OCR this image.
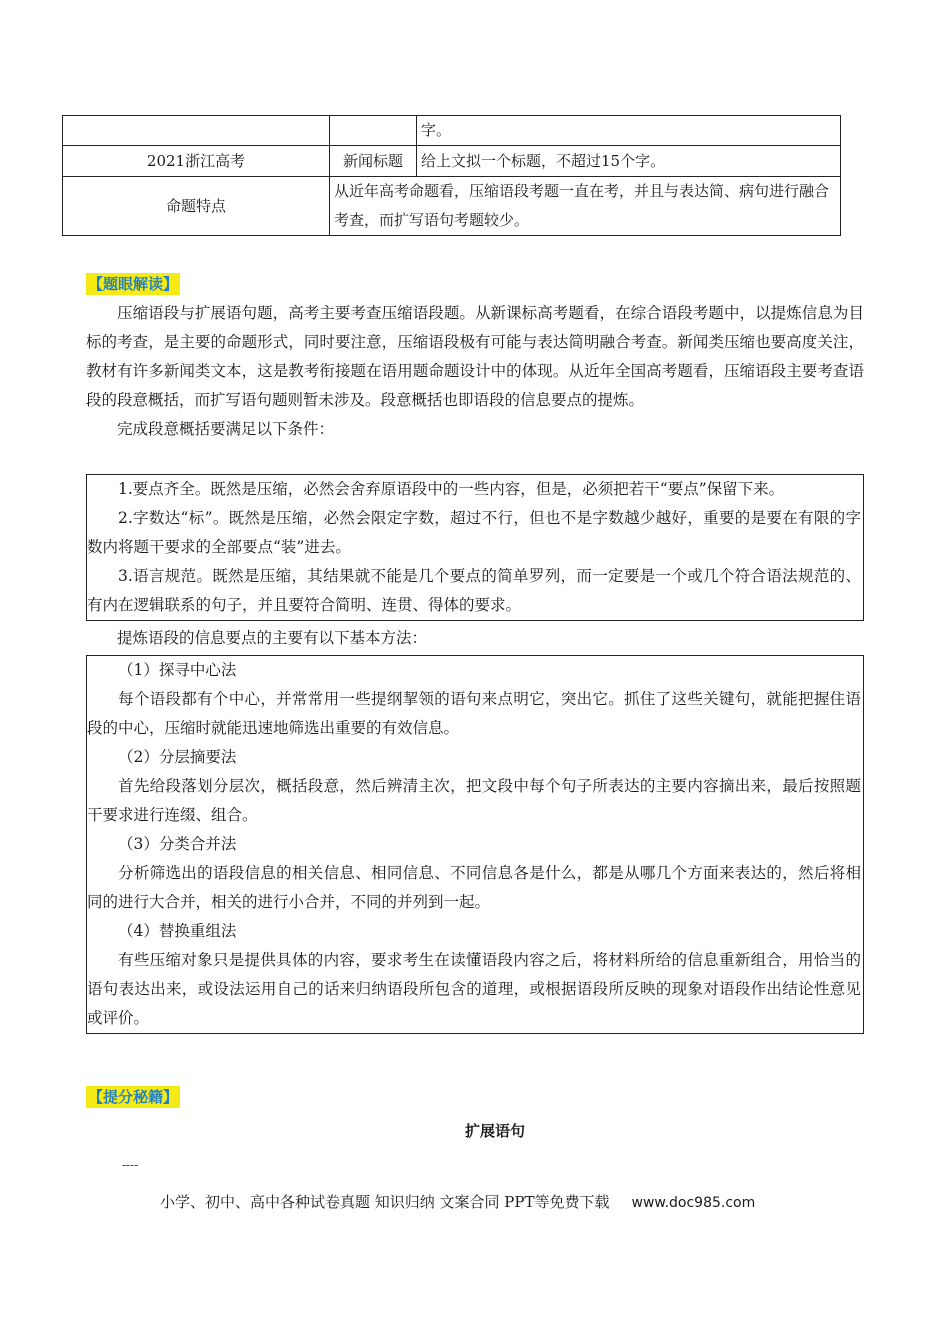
		字。
2021浙江高考	新闻标题	给上文拟一个标题，不超过15个字。
命题特点	从近年高考命题看，压缩语段考题一直在考，并且与表达简、病句进行融合考查，而扩写语句考题较少。	
【题眼解读】

压缩语段与扩展语句题，高考主要考查压缩语段题。从新课标高考题看，在综合语段考题中，以提炼信息为目标的考查，是主要的命题形式，同时要注意，压缩语段极有可能与表达简明融合考查。新闻类压缩也要高度关注，教材有许多新闻类文本，这是教考衔接题在语用题命题设计中的体现。从近年全国高考题看，压缩语段主要考查语段的段意概括，而扩写语句题则暂未涉及。段意概括也即语段的信息要点的提炼。

完成段意概括要满足以下条件：

1.要点齐全。既然是压缩，必然会舍弃原语段中的一些内容，但是，必须把若干“要点”保留下来。

2.字数达“标”。既然是压缩，必然会限定字数，超过不行，但也不是字数越少越好，重要的是要在有限的字数内将题干要求的全部要点“装”进去。

3.语言规范。既然是压缩，其结果就不能是几个要点的简单罗列，而一定要是一个或几个符合语法规范的、有内在逻辑联系的句子，并且要符合简明、连贯、得体的要求。

提炼语段的信息要点的主要有以下基本方法：

（1）探寻中心法

每个语段都有个中心，并常常用一些提纲挈领的语句来点明它，突出它。抓住了这些关键句，就能把握住语段的中心，压缩时就能迅速地筛选出重要的有效信息。

（2）分层摘要法

首先给段落划分层次，概括段意，然后辨清主次，把文段中每个句子所表达的主要内容摘出来，最后按照题干要求进行连缀、组合。

（3）分类合并法

分析筛选出的语段信息的相关信息、相同信息、不同信息各是什么，都是从哪几个方面来表达的，然后将相同的进行大合并，相关的进行小合并，不同的并列到一起。

（4）替换重组法

有些压缩对象只是提供具体的内容，要求考生在读懂语段内容之后，将材料所给的信息重新组合，用恰当的语句表达出来，或设法运用自己的话来归纳语段所包含的道理，或根据语段所反映的现象对语段作出结论性意见或评价。

【提分秘籍】
扩展语句
----
小学、初中、高中各种试卷真题 知识归纳 文案合同 PPT等免费下载 www.doc985.com
